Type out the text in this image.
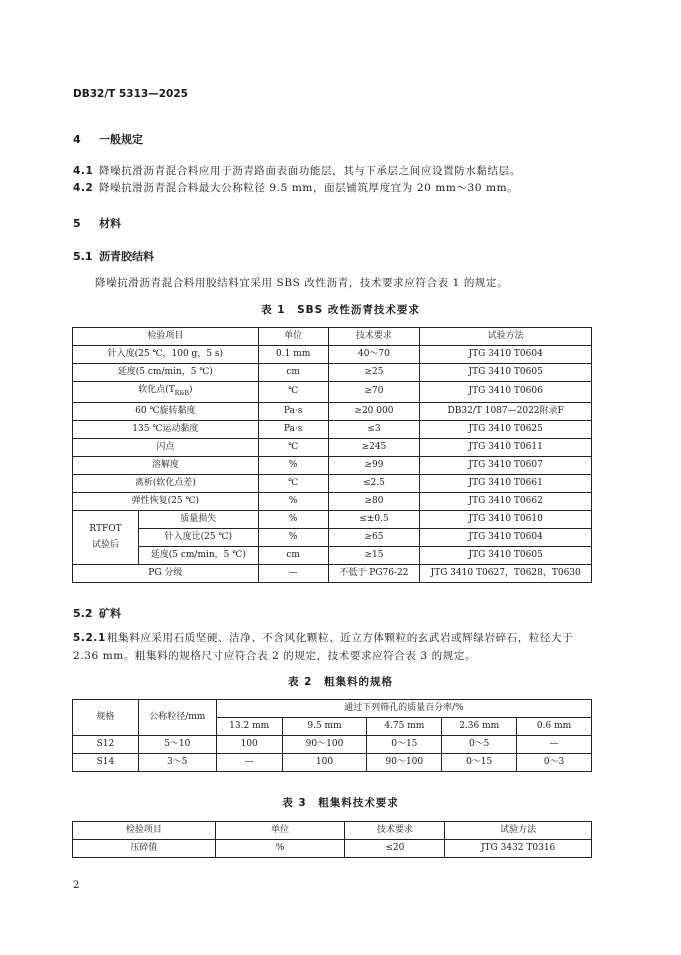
DB32/T 5313—2025
4 一般规定
4.1 降噪抗滑沥青混合料应用于沥青路面表面功能层，其与下承层之间应设置防水黏结层。
4.2 降噪抗滑沥青混合料最大公称粒径 9.5 mm，面层铺筑厚度宜为 20 mm～30 mm。
5 材料
5.1 沥青胶结料
降噪抗滑沥青混合料用胶结料宜采用 SBS 改性沥青，技术要求应符合表 1 的规定。
表 1　SBS 改性沥青技术要求
检验项目		单位	技术要求	试验方法
针入度(25 ℃，100 g，5 s)		0.1 mm	40～70	JTG 3410 T0604
延度(5 cm/min，5 ℃)		cm	≥25	JTG 3410 T0605
软化点$(T_{R\&B})$		℃	≥70	JTG 3410 T0606
60 ℃旋转黏度		Pa·s	≥20 000	DB32/T 1087—2022附录F
135 ℃运动黏度		Pa·s	≤3	JTG 3410 T0625
闪点		℃	≥245	JTG 3410 T0611
溶解度		%	≥99	JTG 3410 T0607
离析(软化点差)		℃	≤2.5	JTG 3410 T0661
弹性恢复(25 ℃)		%	≥80	JTG 3410 T0662

RTFOT
试验后	质量损失	%	≤±0.5	JTG 3410 T0610
	针入度比(25 ℃)	%	≥65	JTG 3410 T0604
	延度(5 cm/min，5 ℃)	cm	≥15	JTG 3410 T0605
PG 分级		—	不低于 PG76-22	JTG 3410 T0627，T0628，T0630
5.2 矿料
5.2.1粗集料应采用石质坚硬、洁净、不含风化颗粒、近立方体颗粒的玄武岩或辉绿岩碎石，粒径大于
2.36 mm。粗集料的规格尺寸应符合表 2 的规定，技术要求应符合表 3 的规定。
表 2　粗集料的规格
规格	公称粒径/mm	通过下列筛孔的质量百分率/%				
		13.2 mm	9.5 mm	4.75 mm	2.36 mm	0.6 mm
S12	5～10	100	90～100	0～15	0～5	—
S14	3～5	—	100	90～100	0～15	0～3
表 3　粗集料技术要求
检验项目	单位	技术要求	试验方法
压碎值	%	≤20	JTG 3432 T0316
2
